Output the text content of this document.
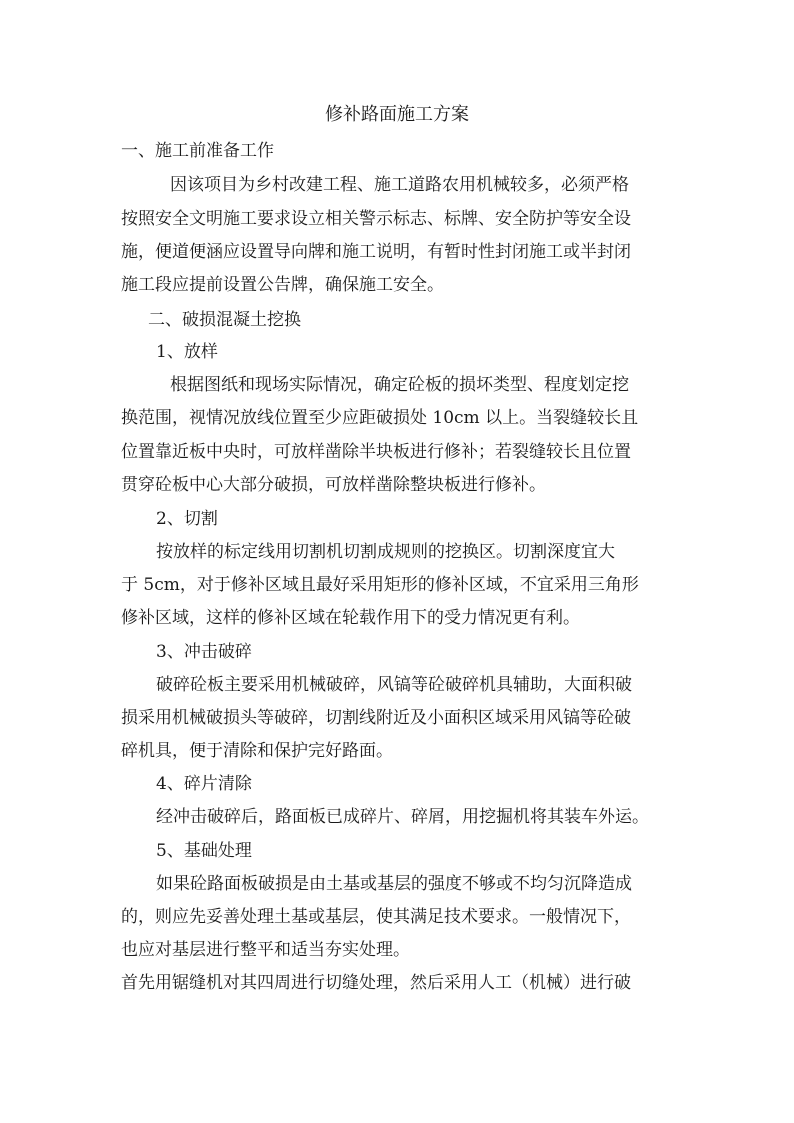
修补路面施工方案
一、施工前准备工作
因该项目为乡村改建工程、施工道路农用机械较多，必须严格
按照安全文明施工要求设立相关警示标志、标牌、安全防护等安全设
施，便道便涵应设置导向牌和施工说明，有暂时性封闭施工或半封闭
施工段应提前设置公告牌，确保施工安全。
二、破损混凝土挖换
1、放样
根据图纸和现场实际情况，确定砼板的损坏类型、程度划定挖
换范围，视情况放线位置至少应距破损处 10cm 以上。当裂缝较长且
位置靠近板中央时，可放样凿除半块板进行修补；若裂缝较长且位置
贯穿砼板中心大部分破损，可放样凿除整块板进行修补。
2、切割
按放样的标定线用切割机切割成规则的挖换区。切割深度宜大
于 5cm，对于修补区域且最好采用矩形的修补区域，不宜采用三角形
修补区域，这样的修补区域在轮载作用下的受力情况更有利。
3、冲击破碎
破碎砼板主要采用机械破碎，风镐等砼破碎机具辅助，大面积破
损采用机械破损头等破碎，切割线附近及小面积区域采用风镐等砼破
碎机具，便于清除和保护完好路面。
4、碎片清除
经冲击破碎后，路面板已成碎片、碎屑，用挖掘机将其装车外运。
5、基础处理
如果砼路面板破损是由土基或基层的强度不够或不均匀沉降造成
的，则应先妥善处理土基或基层，使其满足技术要求。一般情况下，
也应对基层进行整平和适当夯实处理。
首先用锯缝机对其四周进行切缝处理，然后采用人工（机械）进行破
